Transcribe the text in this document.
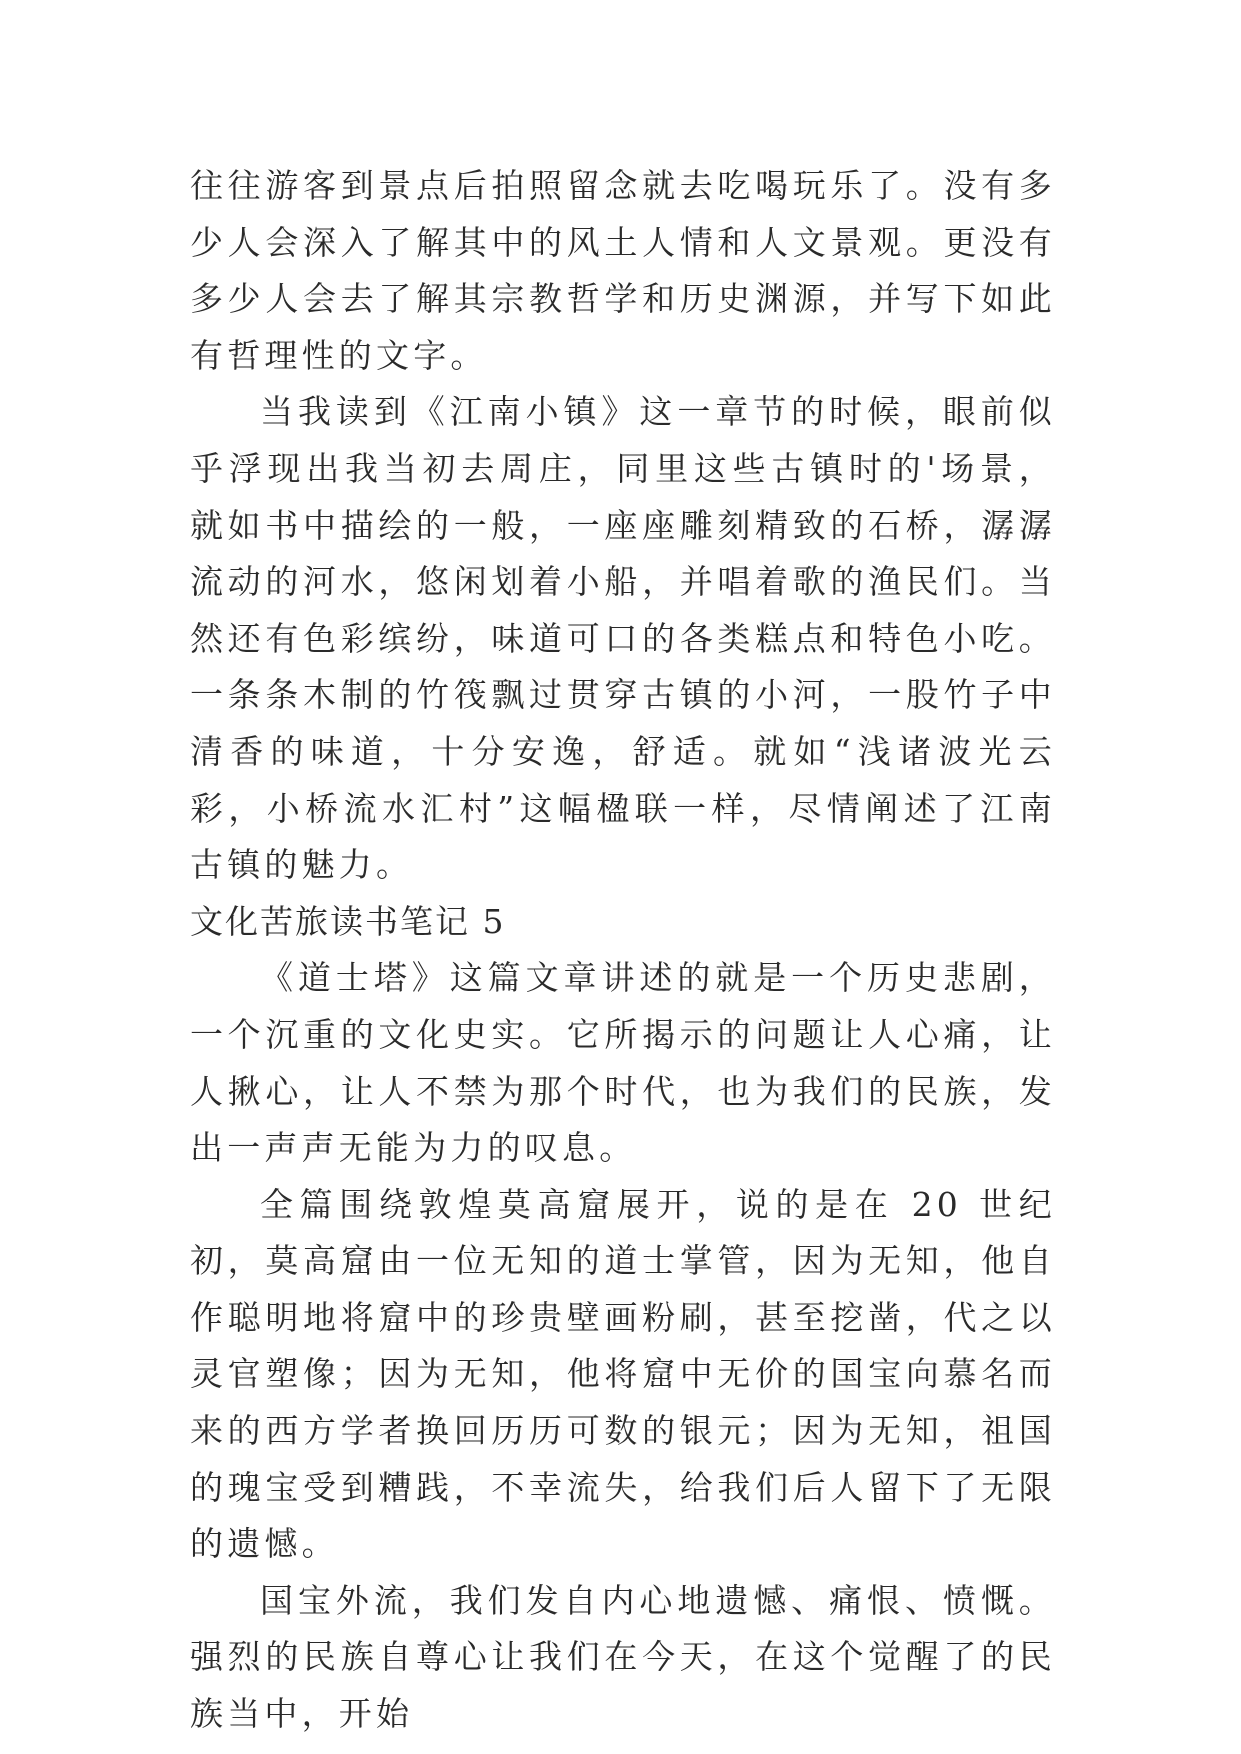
往往游客到景点后拍照留念就去吃喝玩乐了。没有多少人会深入了解其中的风土人情和人文景观。更没有多少人会去了解其宗教哲学和历史渊源，并写下如此有哲理性的文字。

当我读到《江南小镇》这一章节的时候，眼前似乎浮现出我当初去周庄，同里这些古镇时的'场景，就如书中描绘的一般，一座座雕刻精致的石桥，潺潺流动的河水，悠闲划着小船，并唱着歌的渔民们。当然还有色彩缤纷，味道可口的各类糕点和特色小吃。一条条木制的竹筏飘过贯穿古镇的小河，一股竹子中清香的味道，十分安逸，舒适。就如“浅诸波光云彩，小桥流水汇村”这幅楹联一样，尽情阐述了江南古镇的魅力。

文化苦旅读书笔记 5

《道士塔》这篇文章讲述的就是一个历史悲剧，一个沉重的文化史实。它所揭示的问题让人心痛，让人揪心，让人不禁为那个时代，也为我们的民族，发出一声声无能为力的叹息。

全篇围绕敦煌莫高窟展开，说的是在 20 世纪初，莫高窟由一位无知的道士掌管，因为无知，他自作聪明地将窟中的珍贵壁画粉刷，甚至挖凿，代之以灵官塑像；因为无知，他将窟中无价的国宝向慕名而来的西方学者换回历历可数的银元；因为无知，祖国的瑰宝受到糟践，不幸流失，给我们后人留下了无限的遗憾。

国宝外流，我们发自内心地遗憾、痛恨、愤慨。强烈的民族自尊心让我们在今天，在这个觉醒了的民族当中，开始
